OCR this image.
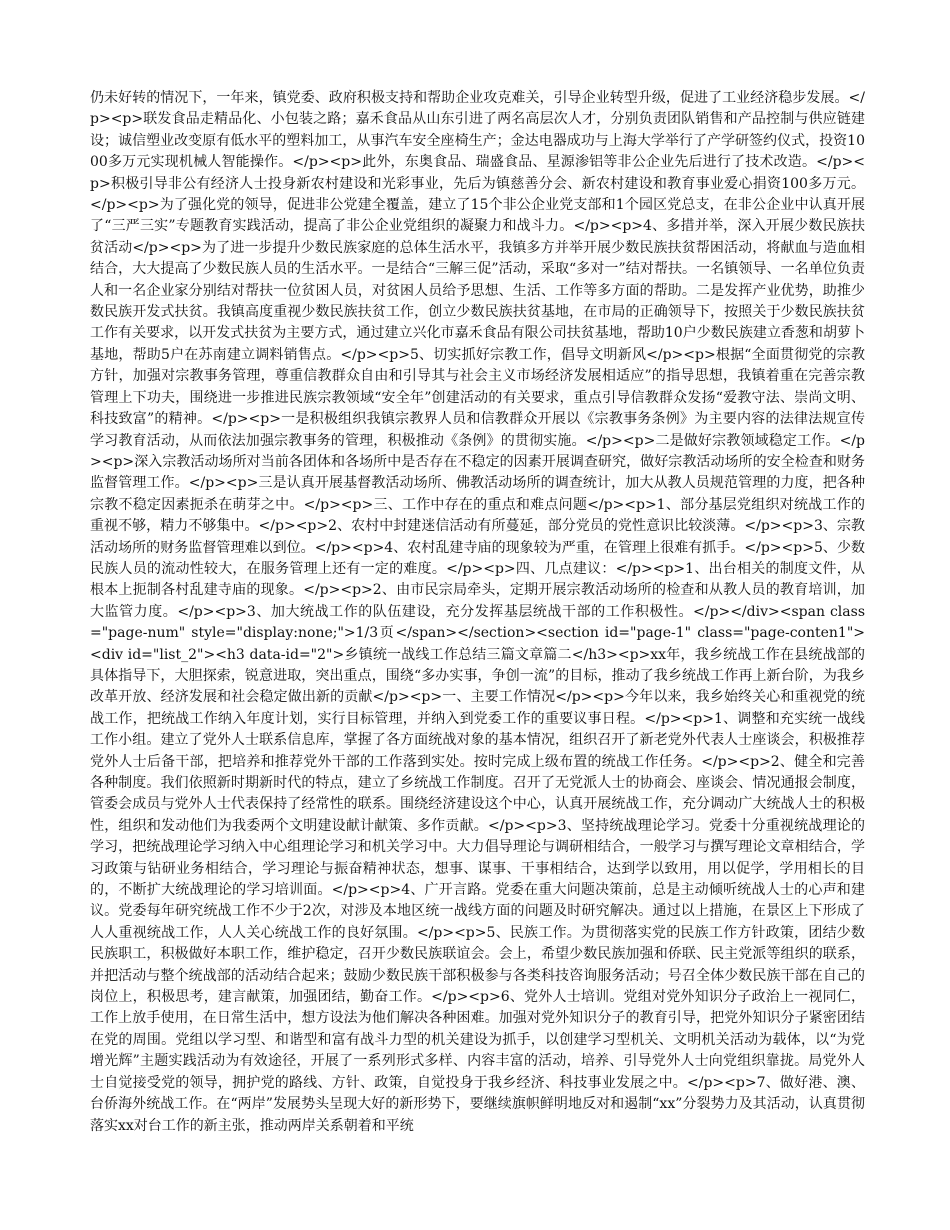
仍未好转的情况下，一年来，镇党委、政府积极支持和帮助企业攻克难关，引导企业转型升级，促进了工业经济稳步发展。</p><p>联发食品走精品化、小包装之路；嘉禾食品从山东引进了两名高层次人才，分别负责团队销售和产品控制与供应链建设；诚信塑业改变原有低水平的塑料加工，从事汽车安全座椅生产；金达电器成功与上海大学举行了产学研签约仪式，投资1000多万元实现机械人智能操作。</p><p>此外，东奥食品、瑞盛食品、星源渗铝等非公企业先后进行了技术改造。</p><p>积极引导非公有经济人士投身新农村建设和光彩事业，先后为镇慈善分会、新农村建设和教育事业爱心捐资100多万元。</p><p>为了强化党的领导，促进非公党建全覆盖，建立了15个非公企业党支部和1个园区党总支，在非公企业中认真开展了“三严三实”专题教育实践活动，提高了非公企业党组织的凝聚力和战斗力。</p><p>4、多措并举，深入开展少数民族扶贫活动</p><p>为了进一步提升少数民族家庭的总体生活水平，我镇多方并举开展少数民族扶贫帮困活动，将献血与造血相结合，大大提高了少数民族人员的生活水平。一是结合“三解三促”活动，采取“多对一”结对帮扶。一名镇领导、一名单位负责人和一名企业家分别结对帮扶一位贫困人员，对贫困人员给予思想、生活、工作等多方面的帮助。二是发挥产业优势，助推少数民族开发式扶贫。我镇高度重视少数民族扶贫工作，创立少数民族扶贫基地，在市局的正确领导下，按照关于少数民族扶贫工作有关要求，以开发式扶贫为主要方式，通过建立兴化市嘉禾食品有限公司扶贫基地，帮助10户少数民族建立香葱和胡萝卜基地，帮助5户在苏南建立调料销售点。</p><p>5、切实抓好宗教工作，倡导文明新风</p><p>根据“全面贯彻党的宗教方针，加强对宗教事务管理，尊重信教群众自由和引导其与社会主义市场经济发展相适应”的指导思想，我镇着重在完善宗教管理上下功夫，围绕进一步推进民族宗教领域“安全年”创建活动的有关要求，重点引导信教群众发扬“爱教守法、崇尚文明、科技致富”的精神。</p><p>一是积极组织我镇宗教界人员和信教群众开展以《宗教事务条例》为主要内容的法律法规宣传学习教育活动，从而依法加强宗教事务的管理，积极推动《条例》的贯彻实施。</p><p>二是做好宗教领域稳定工作。</p><p>深入宗教活动场所对当前各团体和各场所中是否存在不稳定的因素开展调查研究，做好宗教活动场所的安全检查和财务监督管理工作。</p><p>三是认真开展基督教活动场所、佛教活动场所的调查统计，加大从教人员规范管理的力度，把各种宗教不稳定因素扼杀在萌芽之中。</p><p>三、工作中存在的重点和难点问题</p><p>1、部分基层党组织对统战工作的重视不够，精力不够集中。</p><p>2、农村中封建迷信活动有所蔓延，部分党员的党性意识比较淡薄。</p><p>3、宗教活动场所的财务监督管理难以到位。</p><p>4、农村乱建寺庙的现象较为严重，在管理上很难有抓手。</p><p>5、少数民族人员的流动性较大，在服务管理上还有一定的难度。</p><p>四、几点建议：</p><p>1、出台相关的制度文件，从根本上扼制各村乱建寺庙的现象。</p><p>2、由市民宗局牵头，定期开展宗教活动场所的检查和从教人员的教育培训，加大监管力度。</p><p>3、加大统战工作的队伍建设，充分发挥基层统战干部的工作积极性。</p></div><span class="page-num" style="display:none;">1/3页</span></section><section id="page-1" class="page-conten1"><div id="list_2"><h3 data-id="2">乡镇统一战线工作总结三篇文章篇二</h3><p>xx年，我乡统战工作在县统战部的具体指导下，大胆探索，锐意进取，突出重点，围绕“多办实事，争创一流”的目标，推动了我乡统战工作再上新台阶，为我乡改革开放、经济发展和社会稳定做出新的贡献</p><p>一、主要工作情况</p><p>今年以来，我乡始终关心和重视党的统战工作，把统战工作纳入年度计划，实行目标管理，并纳入到党委工作的重要议事日程。</p><p>1、调整和充实统一战线工作小组。建立了党外人士联系信息库，掌握了各方面统战对象的基本情况，组织召开了新老党外代表人士座谈会，积极推荐党外人士后备干部，把培养和推荐党外干部的工作落到实处。按时完成上级布置的统战工作任务。</p><p>2、健全和完善各种制度。我们依照新时期新时代的特点，建立了乡统战工作制度。召开了无党派人士的协商会、座谈会、情况通报会制度，管委会成员与党外人士代表保持了经常性的联系。围绕经济建设这个中心，认真开展统战工作，充分调动广大统战人士的积极性，组织和发动他们为我委两个文明建设献计献策、多作贡献。</p><p>3、坚持统战理论学习。党委十分重视统战理论的学习，把统战理论学习纳入中心组理论学习和机关学习中。大力倡导理论与调研相结合，一般学习与撰写理论文章相结合，学习政策与钻研业务相结合，学习理论与振奋精神状态，想事、谋事、干事相结合，达到学以致用，用以促学，学用相长的目的，不断扩大统战理论的学习培训面。</p><p>4、广开言路。党委在重大问题决策前，总是主动倾听统战人士的心声和建议。党委每年研究统战工作不少于2次，对涉及本地区统一战线方面的问题及时研究解决。通过以上措施，在景区上下形成了人人重视统战工作，人人关心统战工作的良好氛围。</p><p>5、民族工作。为贯彻落实党的民族工作方针政策，团结少数民族职工，积极做好本职工作，维护稳定，召开少数民族联谊会。会上，希望少数民族加强和侨联、民主党派等组织的联系，并把活动与整个统战部的活动结合起来；鼓励少数民族干部积极参与各类科技咨询服务活动；号召全体少数民族干部在自己的岗位上，积极思考，建言献策，加强团结，勤奋工作。</p><p>6、党外人士培训。党组对党外知识分子政治上一视同仁，工作上放手使用，在日常生活中，想方设法为他们解决各种困难。加强对党外知识分子的教育引导，把党外知识分子紧密团结在党的周围。党组以学习型、和谐型和富有战斗力型的机关建设为抓手，以创建学习型机关、文明机关活动为载体，以“为党增光辉”主题实践活动为有效途径，开展了一系列形式多样、内容丰富的活动，培养、引导党外人士向党组织靠拢。局党外人士自觉接受党的领导，拥护党的路线、方针、政策，自觉投身于我乡经济、科技事业发展之中。</p><p>7、做好港、澳、台侨海外统战工作。在“两岸”发展势头呈现大好的新形势下，要继续旗帜鲜明地反对和遏制“xx”分裂势力及其活动，认真贯彻落实xx对台工作的新主张，推动两岸关系朝着和平统
